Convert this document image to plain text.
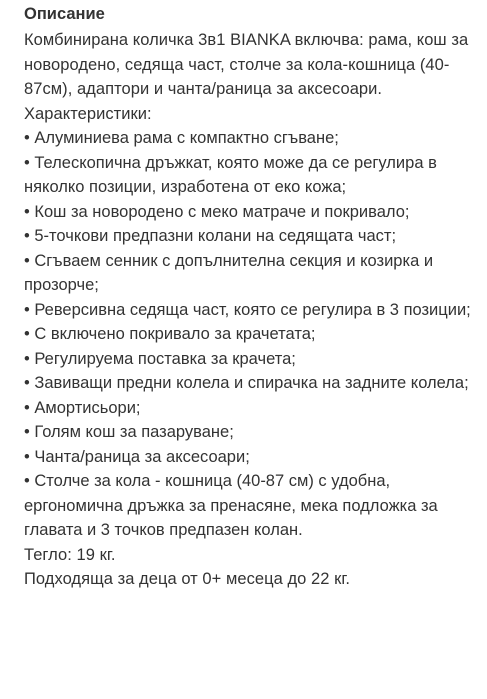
Описание

Комбинирана количка 3в1 BIANKA включва: рама, кош за новородено, седяща част, столче за кола-кошница (40-87см), адаптори и чанта/раница за аксесоари.

Характеристики:

• Алуминиева рама с компактно сгъване;
• Телескопична дръжкат, която може да се регулира в няколко позиции, изработена от еко кожа;
• Кош за новородено с меко матраче и покривало;
• 5-точкови предпазни колани на седящата част;
• Сгъваем сенник с допълнителна секция и козирка и прозорче;
• Реверсивна седяща част, която се регулира в 3 позиции;
• С включено покривало за крачетата;
• Регулируема поставка за крачета;
• Завиващи предни колела и спирачка на задните колела;
• Амортисьори;
• Голям кош за пазаруване;
• Чанта/раница за аксесоари;
• Столче за кола - кошница (40-87 см) с удобна, ергономична дръжка за пренасяне, мека подложка за главата и 3 точков предпазен колан.

Тегло: 19 кг.

Подходяща за деца от 0+ месеца до 22 кг.
